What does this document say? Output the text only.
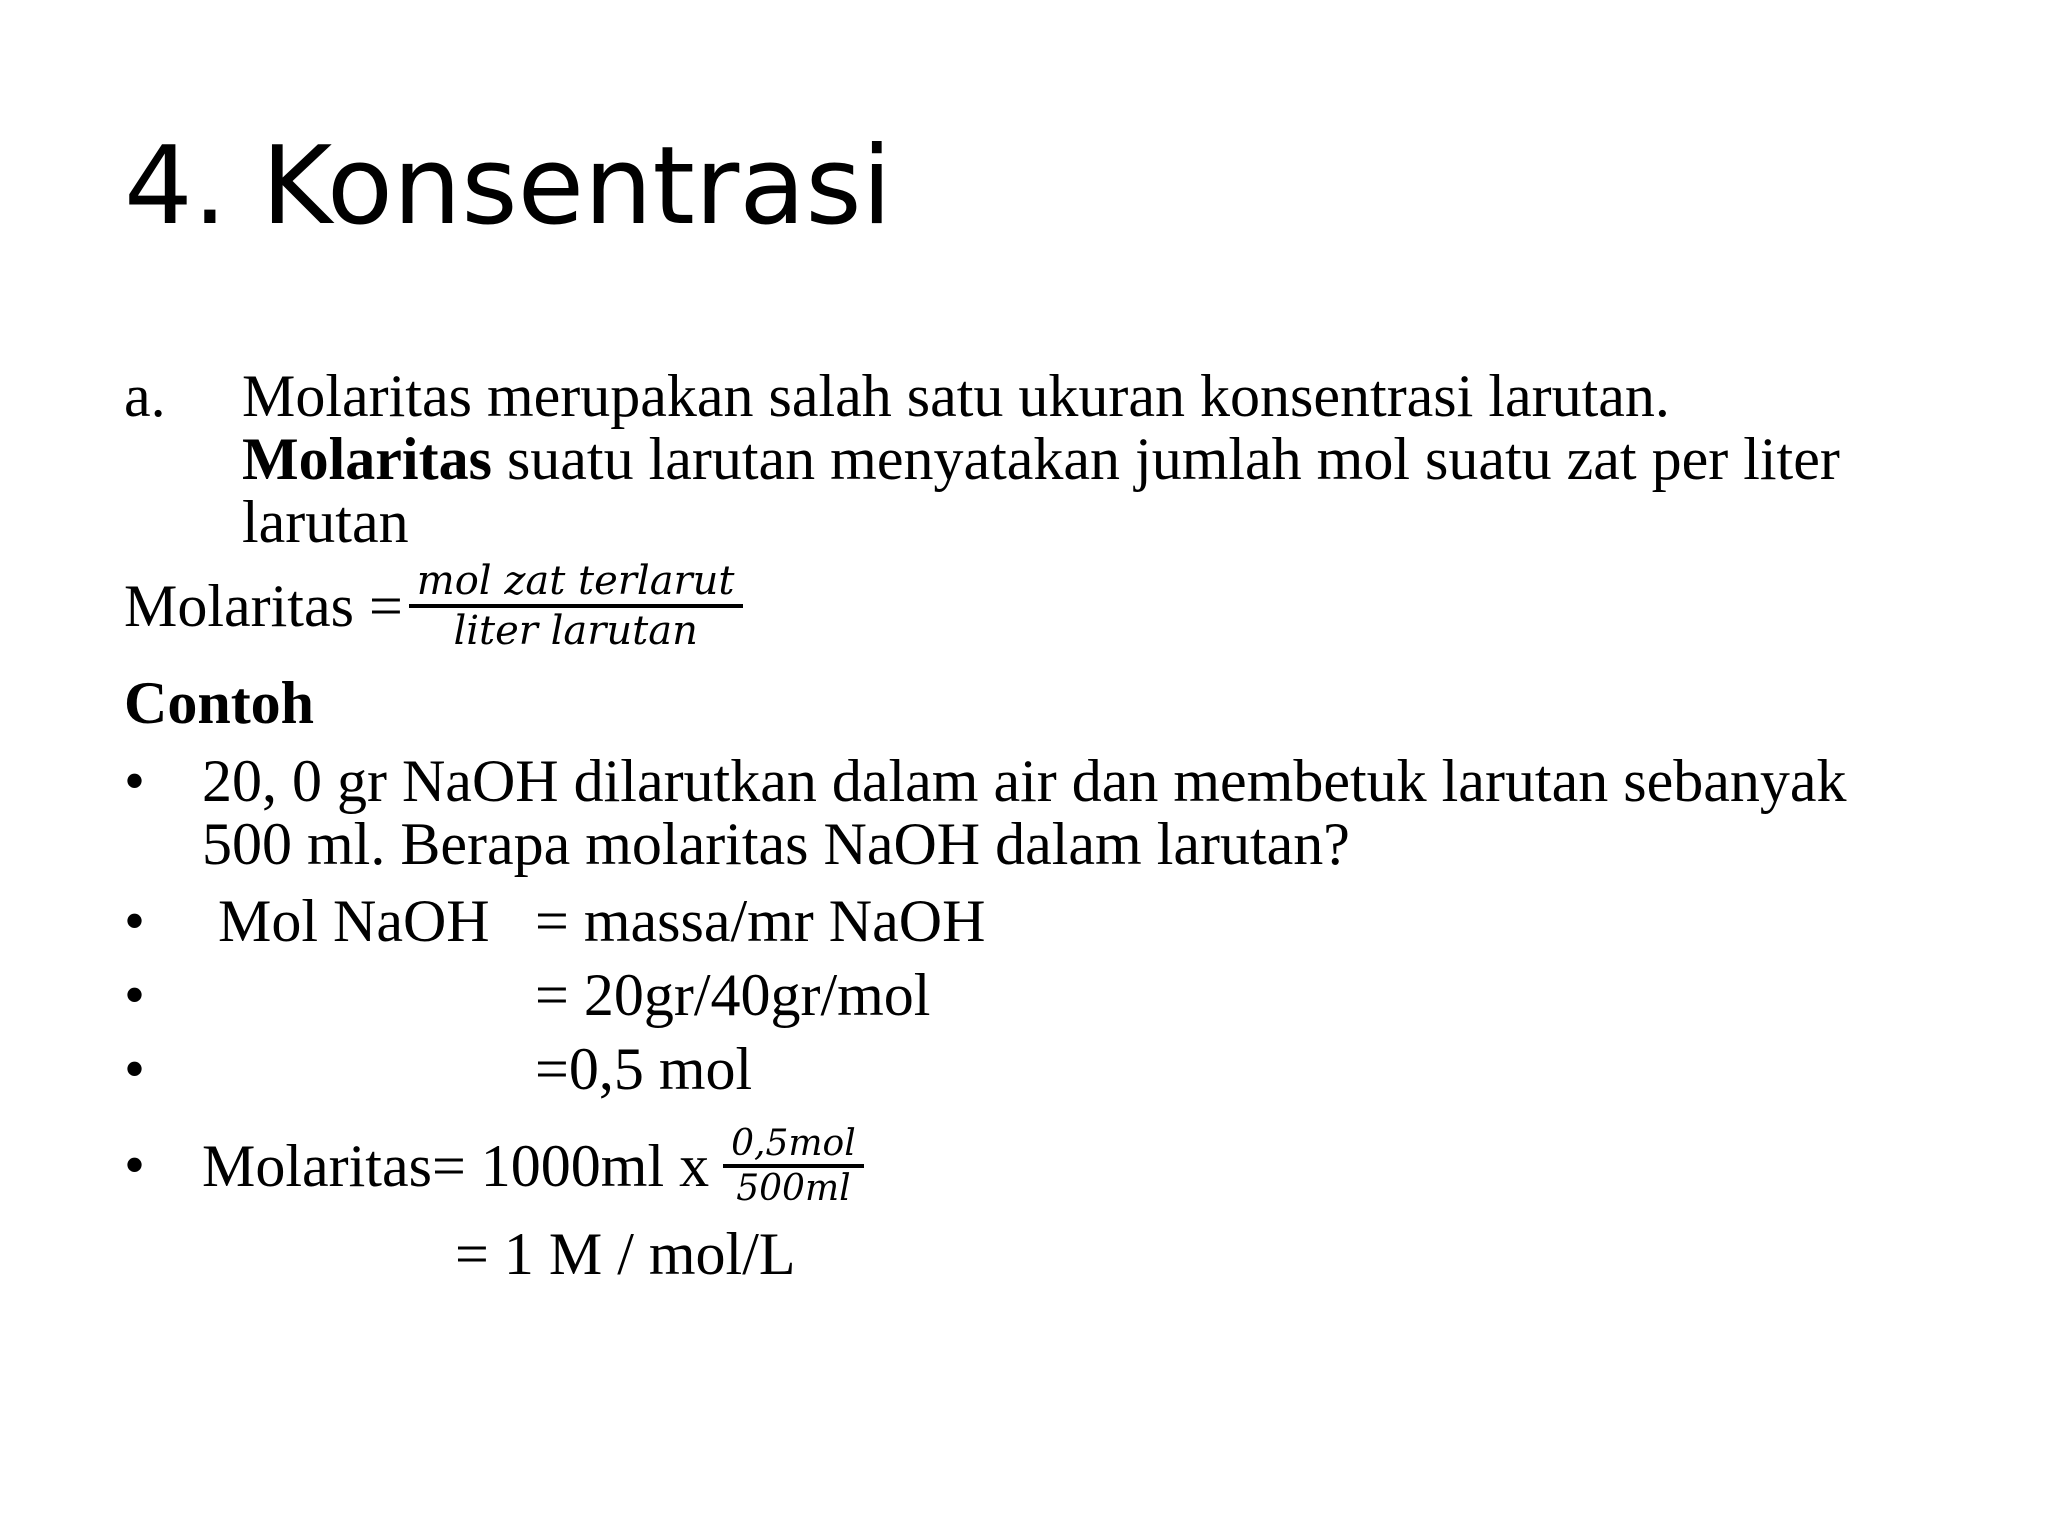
4. Konsentrasi
a. Molaritas merupakan salah satu ukuran konsentrasi larutan.
Molaritas suatu larutan menyatakan jumlah mol suatu zat per liter
larutan
Molaritas = $\frac{\text{mol zat terlarut}}{\text{liter larutan}}$
Contoh
• 20, 0 gr NaOH dilarutkan dalam air dan membetuk larutan sebanyak
500 ml. Berapa molaritas NaOH dalam larutan?
• Mol NaOH = massa/mr NaOH
•	= 20gr/40gr/mol
•	=0,5 mol
• Molaritas= 1000ml x $\frac{\text{0,5mol}}{500ml}$
= 1 M / mol/L
